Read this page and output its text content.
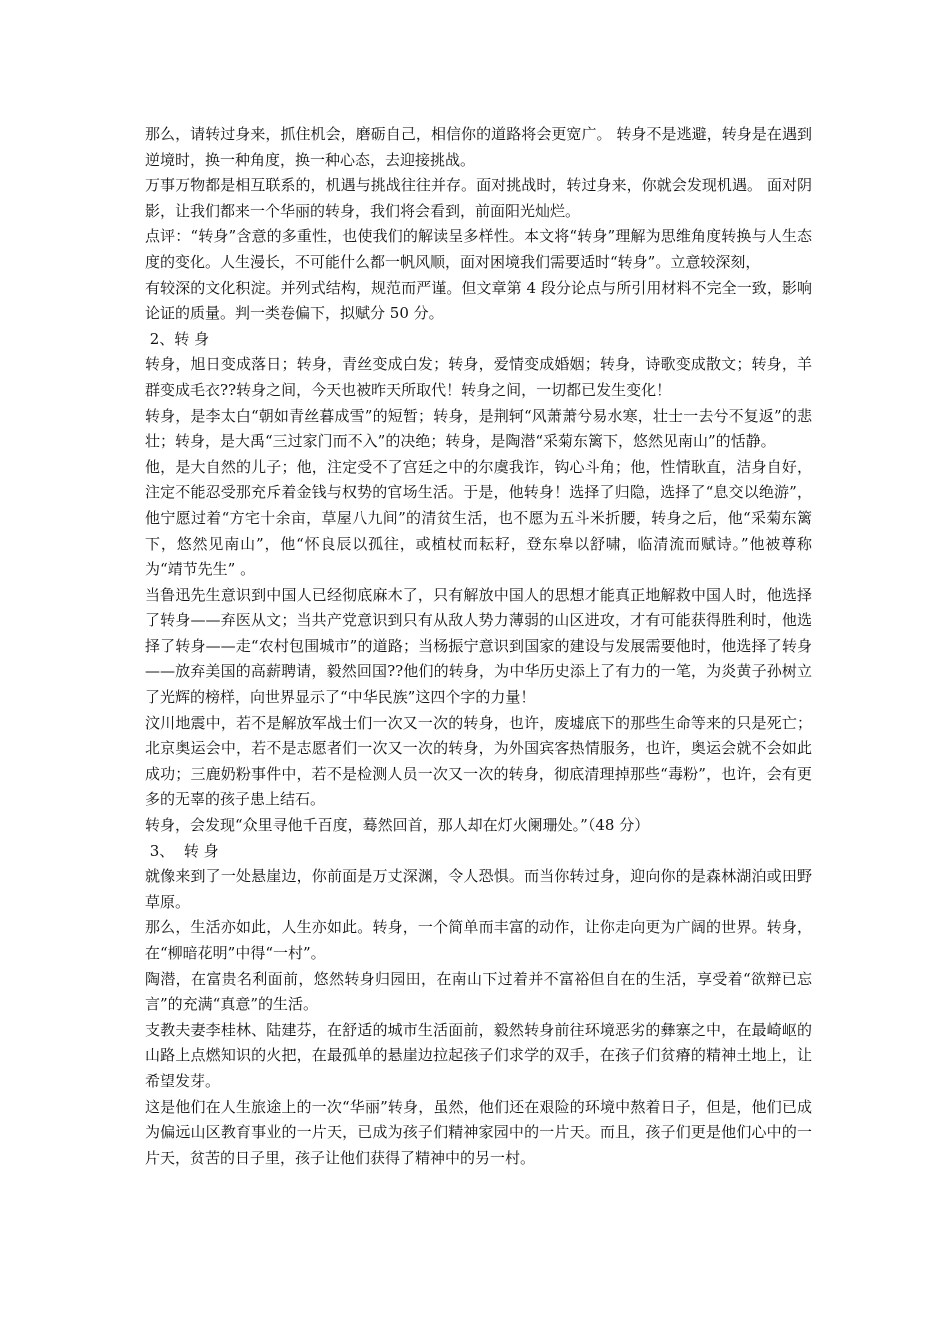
那么，请转过身来，抓住机会，磨砺自己，相信你的道路将会更宽广。 转身不是逃避，转身是在遇到逆境时，换一种角度，换一种心态，去迎接挑战。

万事万物都是相互联系的，机遇与挑战往往并存。面对挑战时，转过身来，你就会发现机遇。 面对阴影，让我们都来一个华丽的转身，我们将会看到，前面阳光灿烂。

点评：“转身”含意的多重性，也使我们的解读呈多样性。本文将“转身”理解为思维角度转换与人生态度的变化。人生漫长，不可能什么都一帆风顺，面对困境我们需要适时“转身”。立意较深刻，

有较深的文化积淀。并列式结构，规范而严谨。但文章第 4 段分论点与所引用材料不完全一致，影响论证的质量。判一类卷偏下，拟赋分 50 分。

2、转 身

转身，旭日变成落日；转身，青丝变成白发；转身，爱情变成婚姻；转身，诗歌变成散文；转身，羊群变成毛衣??转身之间，今天也被昨天所取代！转身之间，一切都已发生变化！

转身，是李太白“朝如青丝暮成雪”的短暂；转身，是荆轲“风萧萧兮易水寒，壮士一去兮不复返”的悲壮；转身，是大禹“三过家门而不入”的决绝；转身，是陶潜“采菊东篱下，悠然见南山”的恬静。

他，是大自然的儿子；他，注定受不了宫廷之中的尔虞我诈，钩心斗角；他，性情耿直，洁身自好，注定不能忍受那充斥着金钱与权势的官场生活。于是，他转身！选择了归隐，选择了“息交以绝游”，他宁愿过着“方宅十余亩，草屋八九间”的清贫生活，也不愿为五斗米折腰，转身之后，他“采菊东篱下，悠然见南山”，他“怀良辰以孤往，或植杖而耘耔，登东皋以舒啸，临清流而赋诗。”他被尊称为“靖节先生” 。

当鲁迅先生意识到中国人已经彻底麻木了，只有解放中国人的思想才能真正地解救中国人时，他选择了转身——弃医从文；当共产党意识到只有从敌人势力薄弱的山区进攻，才有可能获得胜利时，他选择了转身——走“农村包围城市”的道路；当杨振宁意识到国家的建设与发展需要他时，他选择了转身——放弃美国的高薪聘请，毅然回国??他们的转身，为中华历史添上了有力的一笔，为炎黄子孙树立了光辉的榜样，向世界显示了“中华民族”这四个字的力量！

汶川地震中，若不是解放军战士们一次又一次的转身，也许，废墟底下的那些生命等来的只是死亡；北京奥运会中，若不是志愿者们一次又一次的转身，为外国宾客热情服务，也许，奥运会就不会如此成功；三鹿奶粉事件中，若不是检测人员一次又一次的转身，彻底清理掉那些“毒粉”，也许，会有更多的无辜的孩子患上结石。

转身，会发现“众里寻他千百度，蓦然回首，那人却在灯火阑珊处。”（48 分）

3、  转 身

就像来到了一处悬崖边，你前面是万丈深渊，令人恐惧。而当你转过身，迎向你的是森林湖泊或田野草原。

那么，生活亦如此，人生亦如此。转身，一个简单而丰富的动作，让你走向更为广阔的世界。转身，在“柳暗花明”中得“一村”。

陶潜，在富贵名利面前，悠然转身归园田，在南山下过着并不富裕但自在的生活，享受着“欲辩已忘言”的充满“真意”的生活。

支教夫妻李桂林、陆建芬，在舒适的城市生活面前，毅然转身前往环境恶劣的彝寨之中，在最崎岖的山路上点燃知识的火把，在最孤单的悬崖边拉起孩子们求学的双手，在孩子们贫瘠的精神土地上，让希望发芽。

这是他们在人生旅途上的一次“华丽”转身，虽然，他们还在艰险的环境中熬着日子，但是，他们已成为偏远山区教育事业的一片天，已成为孩子们精神家园中的一片天。而且，孩子们更是他们心中的一片天，贫苦的日子里，孩子让他们获得了精神中的另一村。
